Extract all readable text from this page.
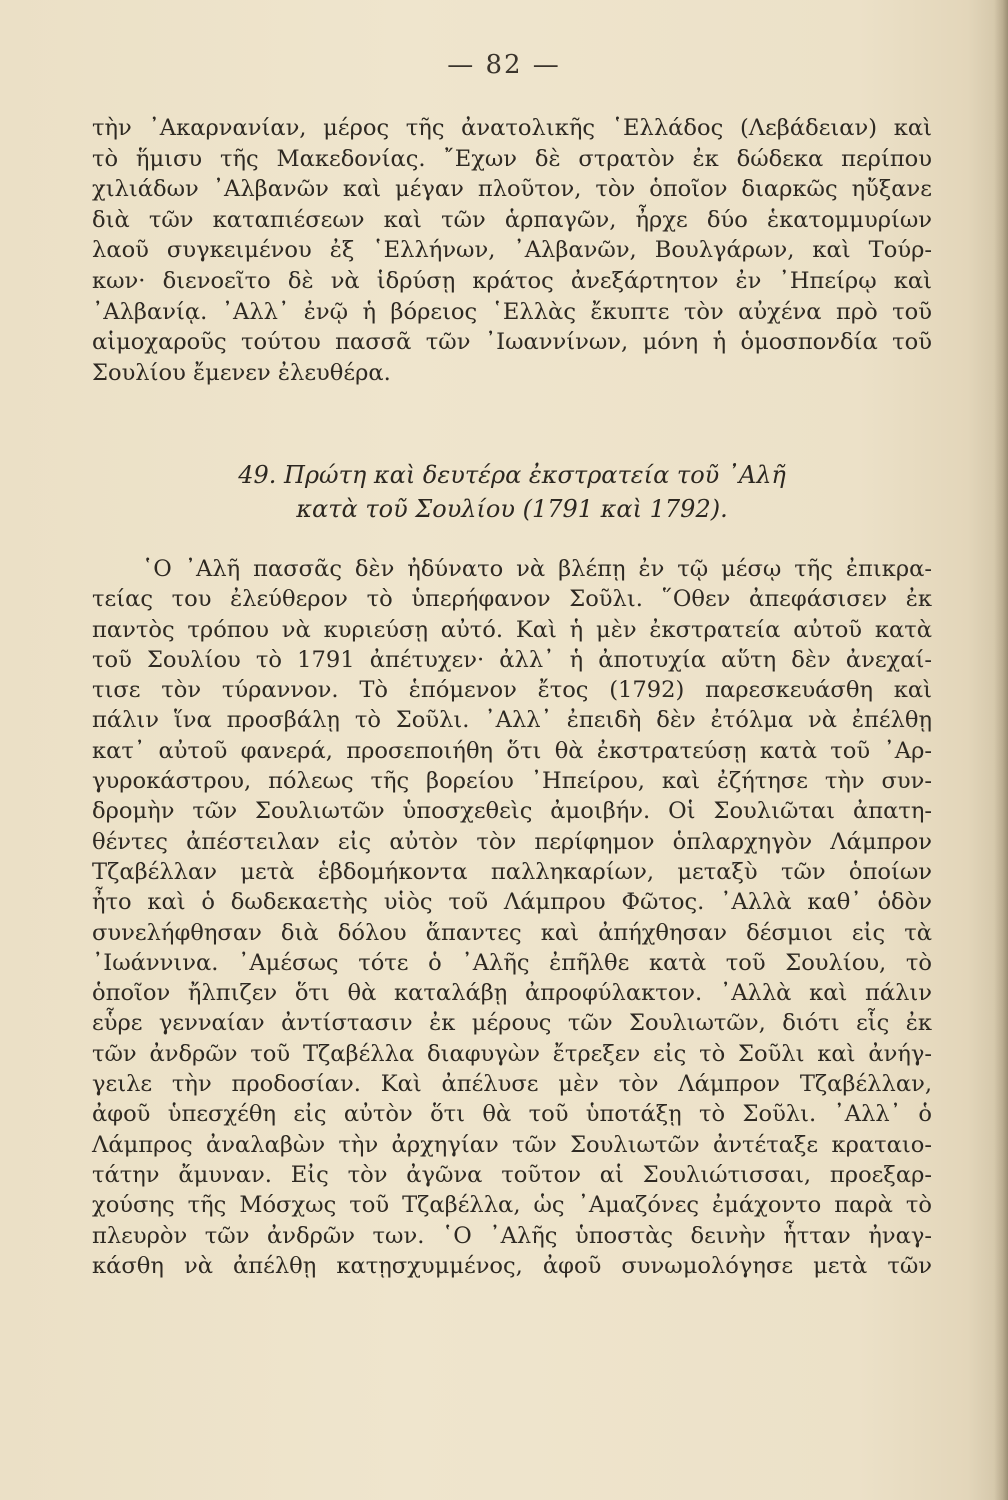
— 82 —
τὴν ᾿Ακαρνανίαν, μέρος τῆς ἀνατολικῆς ῾Ελλάδος (Λεβάδειαν) καὶ
τὸ ἥμισυ τῆς Μακεδονίας. ῎Εχων δὲ στρατὸν ἐκ δώδεκα περίπου
χιλιάδων ᾿Αλβανῶν καὶ μέγαν πλοῦτον, τὸν ὁποῖον διαρκῶς ηὔξανε
διὰ τῶν καταπιέσεων καὶ τῶν ἁρπαγῶν, ἦρχε δύο ἑκατομμυρίων
λαοῦ συγκειμένου ἐξ ῾Ελλήνων, ᾿Αλβανῶν, Βουλγάρων, καὶ Τούρ-
κων· διενοεῖτο δὲ νὰ ἱδρύσῃ κράτος ἀνεξάρτητον ἐν ᾿Ηπείρῳ καὶ
᾿Αλβανίᾳ. ᾿Αλλ᾿ ἐνῷ ἡ βόρειος ῾Ελλὰς ἔκυπτε τὸν αὐχένα πρὸ τοῦ
αἱμοχαροῦς τούτου πασσᾶ τῶν ᾿Ιωαννίνων, μόνη ἡ ὁμοσπονδία τοῦ
Σουλίου ἔμενεν ἐλευθέρα.
49. Πρώτη καὶ δευτέρα ἐκστρατεία τοῦ ᾿Αλῆ
κατὰ τοῦ Σουλίου (1791 καὶ 1792).
῾Ο ᾿Αλῆ πασσᾶς δὲν ἠδύνατο νὰ βλέπῃ ἐν τῷ μέσῳ τῆς ἐπικρα-
τείας του ἐλεύθερον τὸ ὑπερήφανον Σοῦλι. ῞Οθεν ἀπεφάσισεν ἐκ
παντὸς τρόπου νὰ κυριεύσῃ αὐτό. Καὶ ἡ μὲν ἐκστρατεία αὐτοῦ κατὰ
τοῦ Σουλίου τὸ 1791 ἀπέτυχεν· ἀλλ᾿ ἡ ἀποτυχία αὕτη δὲν ἀνεχαί-
τισε τὸν τύραννον. Τὸ ἑπόμενον ἔτος (1792) παρεσκευάσθη καὶ
πάλιν ἵνα προσβάλῃ τὸ Σοῦλι. ᾿Αλλ᾿ ἐπειδὴ δὲν ἐτόλμα νὰ ἐπέλθῃ
κατ᾿ αὐτοῦ φανερά, προσεποιήθη ὅτι θὰ ἐκστρατεύσῃ κατὰ τοῦ ᾿Αρ-
γυροκάστρου, πόλεως τῆς βορείου ᾿Ηπείρου, καὶ ἐζήτησε τὴν συν-
δρομὴν τῶν Σουλιωτῶν ὑποσχεθεὶς ἀμοιβήν. Οἱ Σουλιῶται ἀπατη-
θέντες ἀπέστειλαν εἰς αὐτὸν τὸν περίφημον ὁπλαρχηγὸν Λάμπρον
Τζαβέλλαν μετὰ ἑβδομήκοντα παλληκαρίων, μεταξὺ τῶν ὁποίων
ἦτο καὶ ὁ δωδεκαετὴς υἱὸς τοῦ Λάμπρου Φῶτος. ᾿Αλλὰ καθ᾿ ὁδὸν
συνελήφθησαν διὰ δόλου ἅπαντες καὶ ἀπήχθησαν δέσμιοι εἰς τὰ
᾿Ιωάννινα. ᾿Αμέσως τότε ὁ ᾿Αλῆς ἐπῆλθε κατὰ τοῦ Σουλίου, τὸ
ὁποῖον ἤλπιζεν ὅτι θὰ καταλάβῃ ἀπροφύλακτον. ᾿Αλλὰ καὶ πάλιν
εὗρε γενναίαν ἀντίστασιν ἐκ μέρους τῶν Σουλιωτῶν, διότι εἷς ἐκ
τῶν ἀνδρῶν τοῦ Τζαβέλλα διαφυγὼν ἔτρεξεν εἰς τὸ Σοῦλι καὶ ἀνήγ-
γειλε τὴν προδοσίαν. Καὶ ἀπέλυσε μὲν τὸν Λάμπρον Τζαβέλλαν,
ἀφοῦ ὑπεσχέθη εἰς αὐτὸν ὅτι θὰ τοῦ ὑποτάξῃ τὸ Σοῦλι. ᾿Αλλ᾿ ὁ
Λάμπρος ἀναλαβὼν τὴν ἀρχηγίαν τῶν Σουλιωτῶν ἀντέταξε κραταιο-
τάτην ἄμυναν. Εἰς τὸν ἀγῶνα τοῦτον αἱ Σουλιώτισσαι, προεξαρ-
χούσης τῆς Μόσχως τοῦ Τζαβέλλα, ὡς ᾿Αμαζόνες ἐμάχοντο παρὰ τὸ
πλευρὸν τῶν ἀνδρῶν των. ῾Ο ᾿Αλῆς ὑποστὰς δεινὴν ἧτταν ἠναγ-
κάσθη νὰ ἀπέλθῃ κατῃσχυμμένος, ἀφοῦ συνωμολόγησε μετὰ τῶν
